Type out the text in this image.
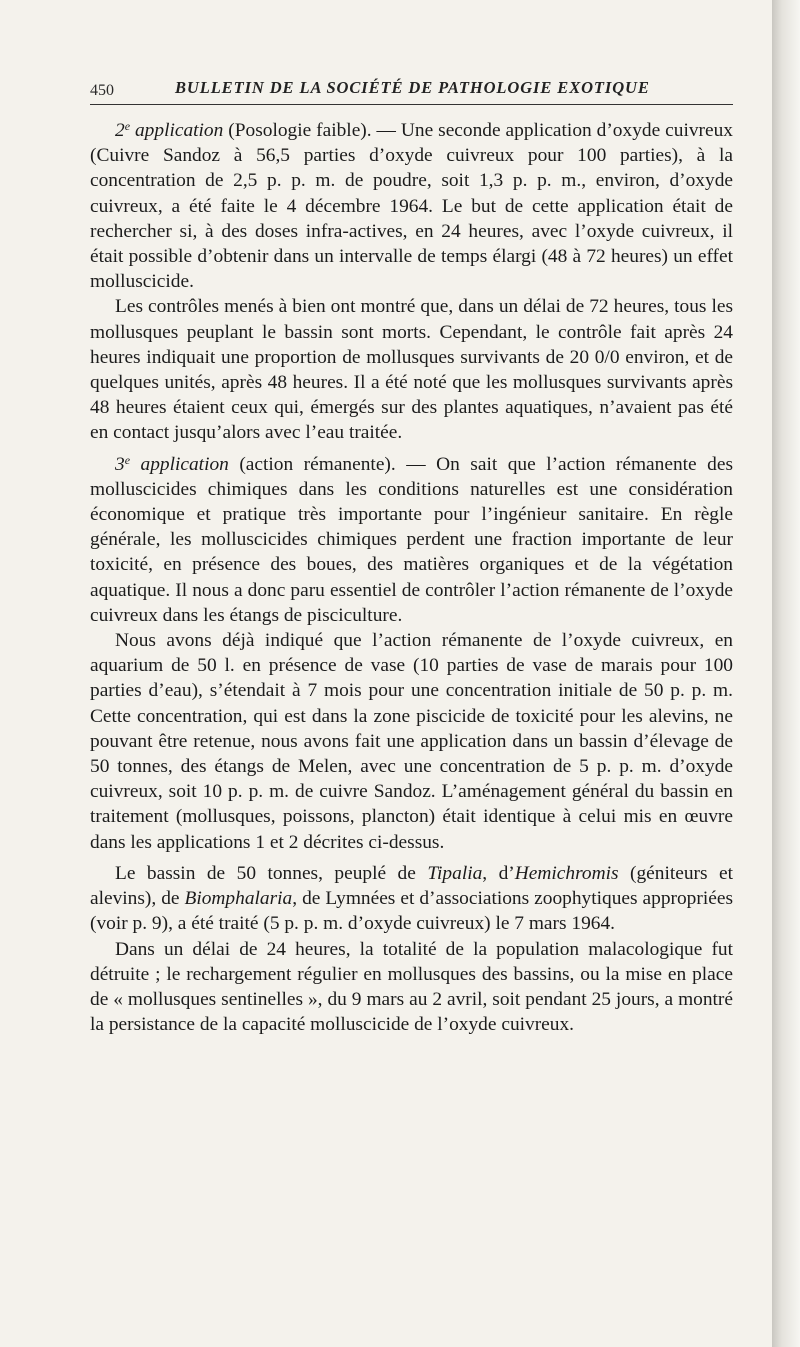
450	BULLETIN DE LA SOCIÉTÉ DE PATHOLOGIE EXOTIQUE

2e application (Posologie faible). — Une seconde application d’oxyde cuivreux (Cuivre Sandoz à 56,5 parties d’oxyde cuivreux pour 100 parties), à la concentration de 2,5 p. p. m. de poudre, soit 1,3 p. p. m., environ, d’oxyde cuivreux, a été faite le 4 décembre 1964. Le but de cette application était de rechercher si, à des doses infra-actives, en 24 heures, avec l’oxyde cuivreux, il était possible d’obtenir dans un intervalle de temps élargi (48 à 72 heures) un effet molluscicide.

Les contrôles menés à bien ont montré que, dans un délai de 72 heures, tous les mollusques peuplant le bassin sont morts. Cependant, le contrôle fait après 24 heures indiquait une proportion de mollusques survivants de 20 0/0 environ, et de quelques unités, après 48 heures. Il a été noté que les mollusques survivants après 48 heures étaient ceux qui, émergés sur des plantes aquatiques, n’avaient pas été en contact jusqu’alors avec l’eau traitée.

3e application (action rémanente). — On sait que l’action rémanente des molluscicides chimiques dans les conditions naturelles est une considération économique et pratique très importante pour l’ingénieur sanitaire. En règle générale, les molluscicides chimiques perdent une fraction importante de leur toxicité, en présence des boues, des matières organiques et de la végétation aquatique. Il nous a donc paru essentiel de contrôler l’action rémanente de l’oxyde cuivreux dans les étangs de pisciculture.

Nous avons déjà indiqué que l’action rémanente de l’oxyde cuivreux, en aquarium de 50 l. en présence de vase (10 parties de vase de marais pour 100 parties d’eau), s’étendait à 7 mois pour une concentration initiale de 50 p. p. m. Cette concentration, qui est dans la zone piscicide de toxicité pour les alevins, ne pouvant être retenue, nous avons fait une application dans un bassin d’élevage de 50 tonnes, des étangs de Melen, avec une concentration de 5 p. p. m. d’oxyde cuivreux, soit 10 p. p. m. de cuivre Sandoz. L’aménagement général du bassin en traitement (mollusques, poissons, plancton) était identique à celui mis en œuvre dans les applications 1 et 2 décrites ci-dessus.

Le bassin de 50 tonnes, peuplé de Tipalia, d’Hemichromis (géniteurs et alevins), de Biomphalaria, de Lymnées et d’associations zoophytiques appropriées (voir p. 9), a été traité (5 p. p. m. d’oxyde cuivreux) le 7 mars 1964.

Dans un délai de 24 heures, la totalité de la population malacologique fut détruite ; le rechargement régulier en mollusques des bassins, ou la mise en place de « mollusques sentinelles », du 9 mars au 2 avril, soit pendant 25 jours, a montré la persistance de la capacité molluscicide de l’oxyde cuivreux.
